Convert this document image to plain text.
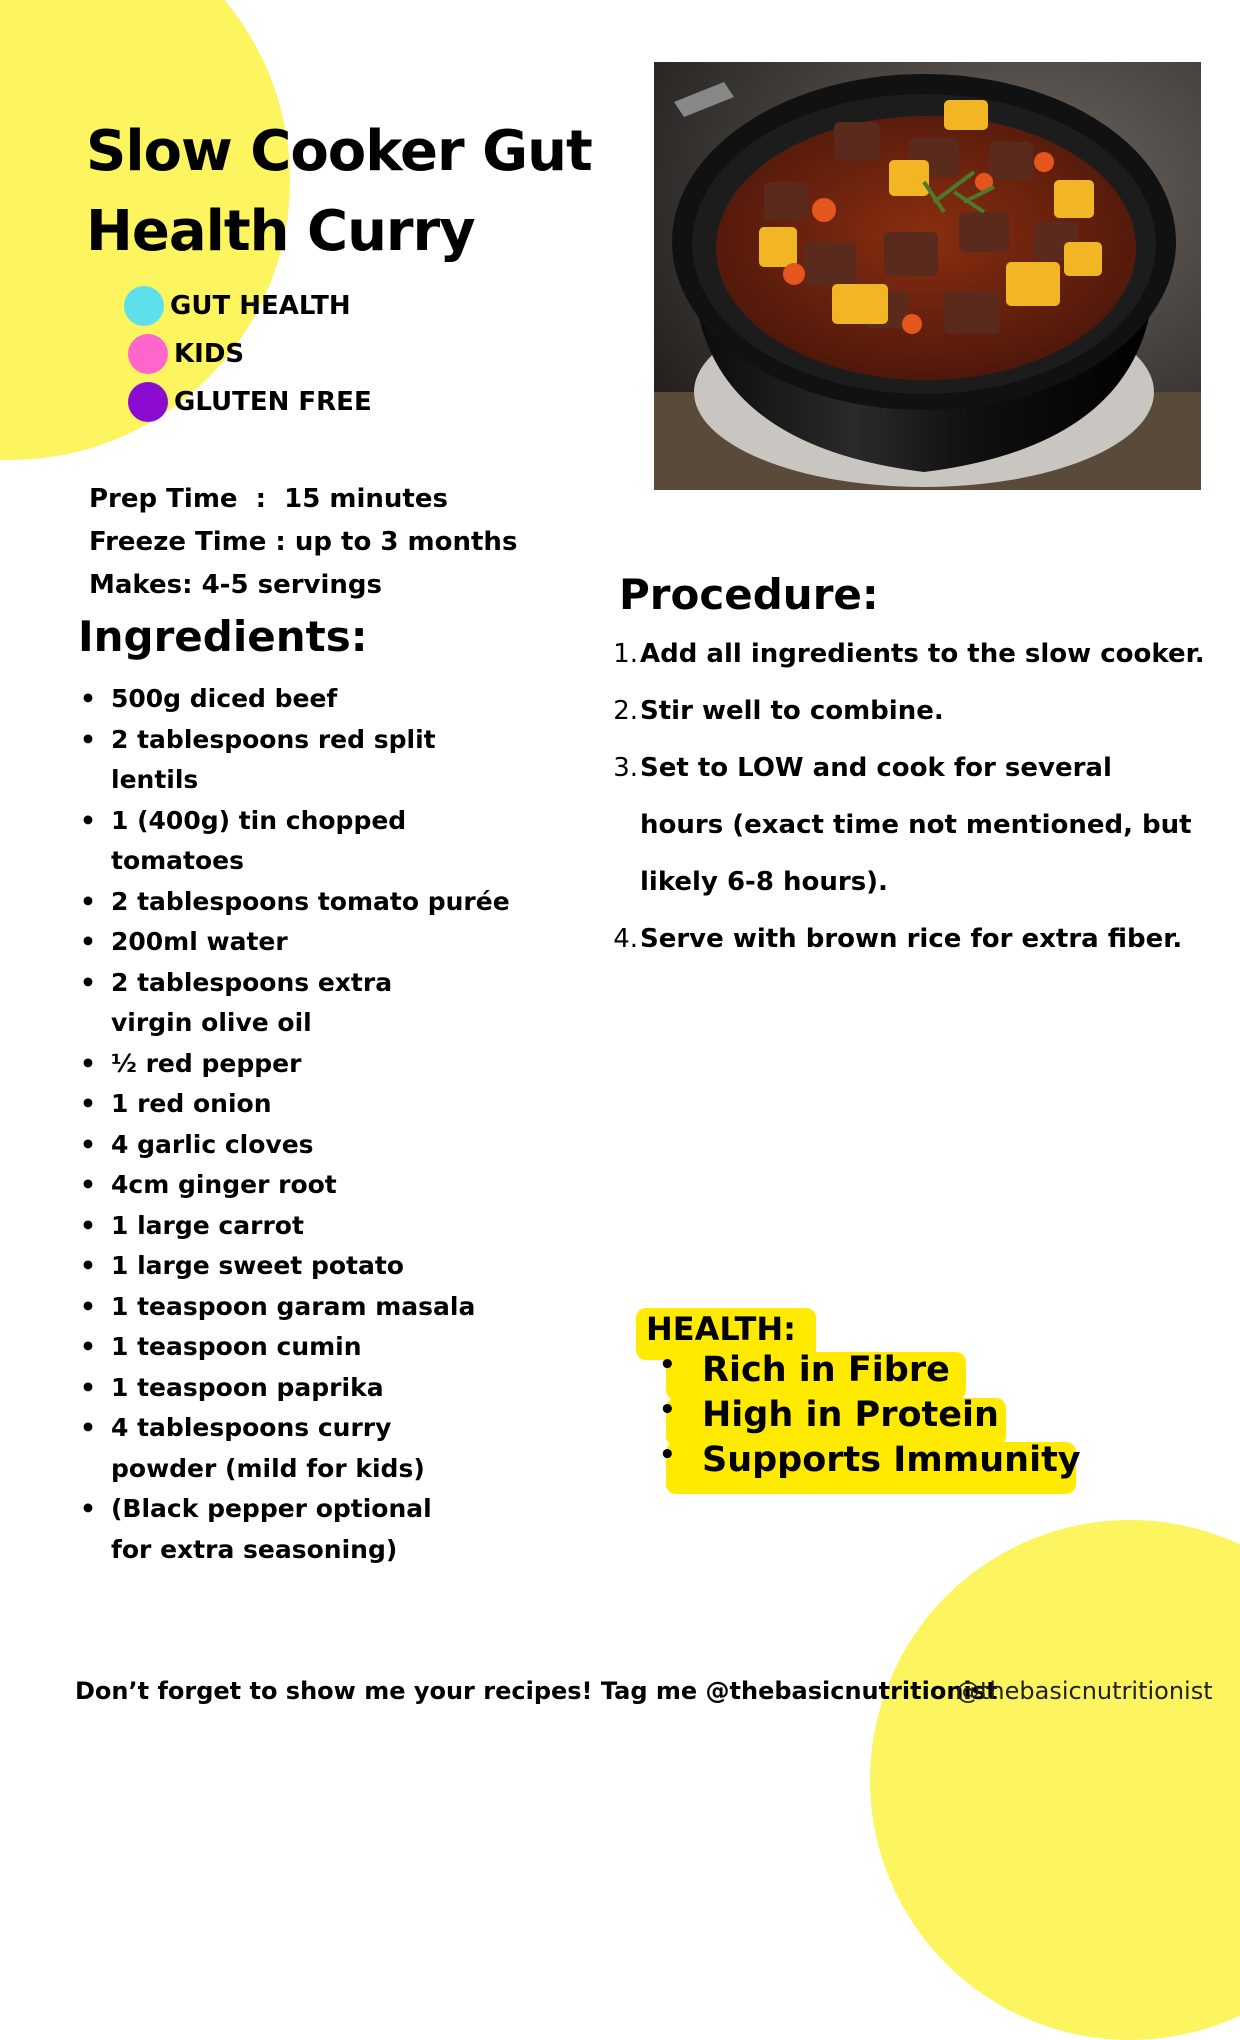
Slow Cooker Gut Health Curry
GUT HEALTH
KIDS
GLUTEN FREE
Prep Time  :  15 minutes
Freeze Time : up to 3 months
Makes: 4-5 servings
Ingredients:
• 500g diced beef
• 2 tablespoons red split lentils
• 1 (400g) tin chopped tomatoes
• 2 tablespoons tomato purée
• 200ml water
• 2 tablespoons extra virgin olive oil
• ½ red pepper
• 1 red onion
• 4 garlic cloves
• 4cm ginger root
• 1 large carrot
• 1 large sweet potato
• 1 teaspoon garam masala
• 1 teaspoon cumin
• 1 teaspoon paprika
• 4 tablespoons curry powder (mild for kids)
• (Black pepper optional for extra seasoning)
Procedure:
1. Add all ingredients to the slow cooker.
2. Stir well to combine.
3. Set to LOW and cook for several hours (exact time not mentioned, but likely 6-8 hours).
4. Serve with brown rice for extra fiber.

HEALTH:

• Rich in Fibre
• High in Protein
• Supports Immunity
Don’t forget to show me your recipes! Tag me @thebasicnutritionist
@thebasicnutritionist
